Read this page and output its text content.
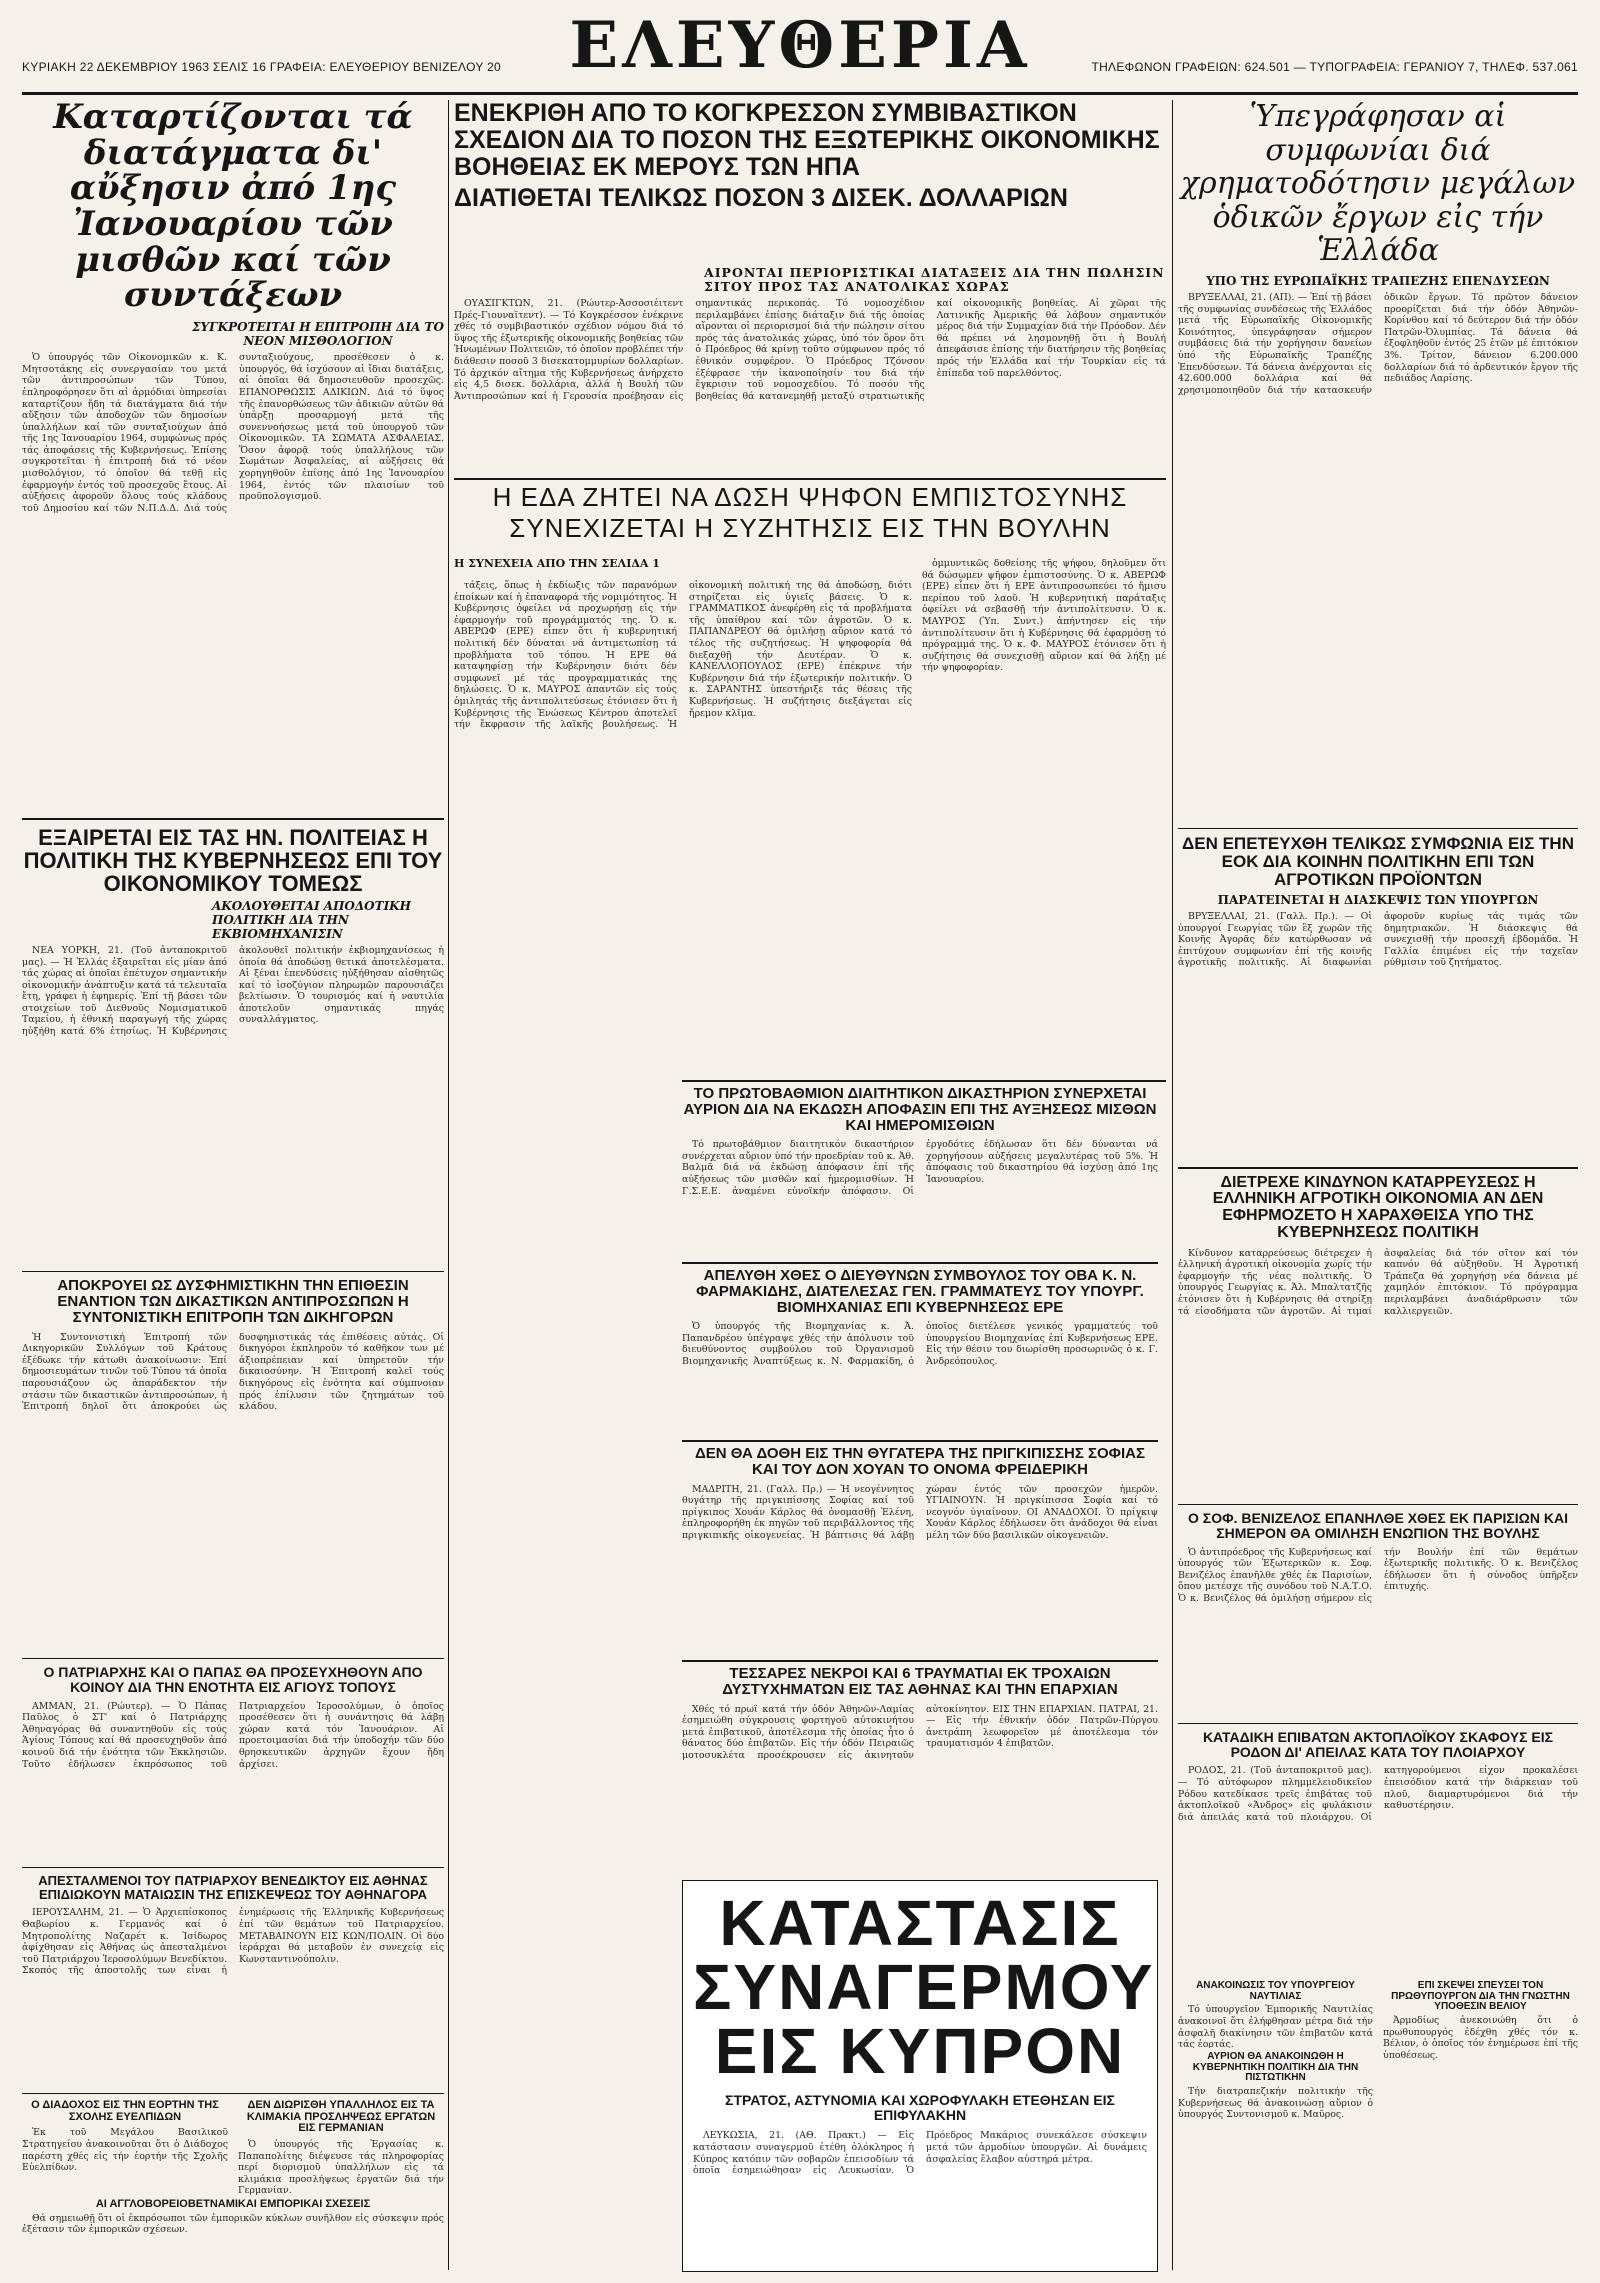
ΚΥΡΙΑΚΗ 22 ΔΕΚΕΜΒΡΙΟΥ 1963 ΣΕΛΙΣ 16 ΓΡΑΦΕΙΑ: ΕΛΕΥΘΕΡΙΟΥ ΒΕΝΙΖΕΛΟΥ 20	ΕΛΕΥΘΕΡΙΑ	ΤΗΛΕΦΩΝΟΝ ΓΡΑΦΕΙΩΝ: 624.501 — ΤΥΠΟΓΡΑΦΕΙΑ: ΓΕΡΑΝΙΟΥ 7, ΤΗΛΕΦ. 537.061
Καταρτίζονται τά διατάγματα δι' αὔξησιν ἀπό 1ης Ἰανουαρίου τῶν μισθῶν καί τῶν συντάξεων
ΣΥΓΚΡΟΤΕΙΤΑΙ Η ΕΠΙΤΡΟΠΗ ΔΙΑ ΤΟ ΝΕΟΝ ΜΙΣΘΟΛΟΓΙΟΝ

Ὁ ὑπουργός τῶν Οἰκονομικῶν κ. Κ. Μητσοτάκης εἰς συνεργασίαν του μετά τῶν ἀντιπροσώπων τῶν Τύπου, ἐπληροφόρησεν ὅτι αἱ ἁρμόδιαι ὑπηρεσίαι καταρτίζουν ἤδη τά διατάγματα διά τήν αὔξησιν τῶν ἀποδοχῶν τῶν δημοσίων ὑπαλλήλων καί τῶν συνταξιούχων ἀπό τῆς 1ης Ἰανουαρίου 1964, συμφώνως πρός τάς ἀποφάσεις τῆς Κυβερνήσεως. Ἐπίσης συγκροτεῖται ἡ ἐπιτροπή διά τό νέον μισθολόγιον, τό ὁποῖον θά τεθῇ εἰς ἐφαρμογήν ἐντός τοῦ προσεχοῦς ἔτους. Αἱ αὐξήσεις ἀφοροῦν ὅλους τούς κλάδους τοῦ Δημοσίου καί τῶν Ν.Π.Δ.Δ. Διά τούς συνταξιούχους, προσέθεσεν ὁ κ. ὑπουργός, θά ἰσχύσουν αἱ ἴδιαι διατάξεις, αἱ ὁποῖαι θά δημοσιευθοῦν προσεχῶς. ΕΠΑΝΟΡΘΩΣΙΣ ΑΔΙΚΙΩΝ. Διά τό ὕψος τῆς ἐπανορθώσεως τῶν ἀδικιῶν αὐτῶν θά ὑπάρξῃ προσαρμογή μετά τῆς συνεννοήσεως μετά τοῦ ὑπουργοῦ τῶν Οἰκονομικῶν. ΤΑ ΣΩΜΑΤΑ ΑΣΦΑΛΕΙΑΣ. Ὅσον ἀφορᾷ τούς ὑπαλλήλους τῶν Σωμάτων Ἀσφαλείας, αἱ αὐξήσεις θά χορηγηθοῦν ἐπίσης ἀπό 1ης Ἰανουαρίου 1964, ἐντός τῶν πλαισίων τοῦ προϋπολογισμοῦ.

ΕΞΑΙΡΕΤΑΙ ΕΙΣ ΤΑΣ ΗΝ. ΠΟΛΙΤΕΙΑΣ Η ΠΟΛΙΤΙΚΗ ΤΗΣ ΚΥΒΕΡΝΗΣΕΩΣ ΕΠΙ ΤΟΥ ΟΙΚΟΝΟΜΙΚΟΥ ΤΟΜΕΩΣ
ΑΚΟΛΟΥΘΕΙΤΑΙ ΑΠΟΔΟΤΙΚΗ ΠΟΛΙΤΙΚΗ ΔΙΑ ΤΗΝ ΕΚΒΙΟΜΗΧΑΝΙΣΙΝ

ΝΕΑ ΥΟΡΚΗ, 21. (Τοῦ ἀνταποκριτοῦ μας). — Ἡ Ἑλλάς ἐξαιρεῖται εἰς μίαν ἀπό τάς χώρας αἱ ὁποῖαι ἐπέτυχον σημαντικήν οἰκονομικήν ἀνάπτυξιν κατά τά τελευταῖα ἔτη, γράφει ἡ ἐφημερίς. Ἐπί τῇ βάσει τῶν στοιχείων τοῦ Διεθνοῦς Νομισματικοῦ Ταμείου, ἡ ἐθνική παραγωγή τῆς χώρας ηὐξήθη κατά 6% ἐτησίως. Ἡ Κυβέρνησις ἀκολουθεῖ πολιτικήν ἐκβιομηχανίσεως ἡ ὁποία θά ἀποδώσῃ θετικά ἀποτελέσματα. Αἱ ξέναι ἐπενδύσεις ηὐξήθησαν αἰσθητῶς καί τό ἰσοζύγιον πληρωμῶν παρουσιάζει βελτίωσιν. Ὁ τουρισμός καί ἡ ναυτιλία ἀποτελοῦν σημαντικάς πηγάς συναλλάγματος.

ΑΠΟΚΡΟΥΕΙ ΩΣ ΔΥΣΦΗΜΙΣΤΙΚΗΝ ΤΗΝ ΕΠΙΘΕΣΙΝ ΕΝΑΝΤΙΟΝ ΤΩΝ ΔΙΚΑΣΤΙΚΩΝ ΑΝΤΙΠΡΟΣΩΠΩΝ Η ΣΥΝΤΟΝΙΣΤΙΚΗ ΕΠΙΤΡΟΠΗ ΤΩΝ ΔΙΚΗΓΟΡΩΝ

Ἡ Συντονιστική Ἐπιτροπή τῶν Δικηγορικῶν Συλλόγων τοῦ Κράτους ἐξέδωκε τήν κάτωθι ἀνακοίνωσιν: Ἐπί δημοσιευμάτων τινῶν τοῦ Τύπου τά ὁποῖα παρουσιάζουν ὡς ἀπαράδεκτον τήν στάσιν τῶν δικαστικῶν ἀντιπροσώπων, ἡ Ἐπιτροπή δηλοῖ ὅτι ἀποκρούει ὡς δυσφημιστικάς τάς ἐπιθέσεις αὐτάς. Οἱ δικηγόροι ἐκπληροῦν τό καθῆκον των μέ ἀξιοπρέπειαν καί ὑπηρετοῦν τήν δικαιοσύνην. Ἡ Ἐπιτροπή καλεῖ τούς δικηγόρους εἰς ἑνότητα καί σύμπνοιαν πρός ἐπίλυσιν τῶν ζητημάτων τοῦ κλάδου.

Ο ΠΑΤΡΙΑΡΧΗΣ ΚΑΙ Ο ΠΑΠΑΣ ΘΑ ΠΡΟΣΕΥΧΗΘΟΥΝ ΑΠΟ ΚΟΙΝΟΥ ΔΙΑ ΤΗΝ ΕΝΟΤΗΤΑ ΕΙΣ ΑΓΙΟΥΣ ΤΟΠΟΥΣ

ΑΜΜΑΝ, 21. (Ρώυτερ). — Ὁ Πάπας Παῦλος ὁ ΣΤ' καί ὁ Πατριάρχης Ἀθηναγόρας θά συναντηθοῦν εἰς τούς Ἁγίους Τόπους καί θά προσευχηθοῦν ἀπό κοινοῦ διά τήν ἑνότητα τῶν Ἐκκλησιῶν. Τοῦτο ἐδήλωσεν ἐκπρόσωπος τοῦ Πατριαρχείου Ἱεροσολύμων, ὁ ὁποῖος προσέθεσεν ὅτι ἡ συνάντησις θά λάβῃ χώραν κατά τόν Ἰανουάριον. Αἱ προετοιμασίαι διά τήν ὑποδοχήν τῶν δύο θρησκευτικῶν ἀρχηγῶν ἔχουν ἤδη ἀρχίσει.

ΑΠΕΣΤΑΛΜΕΝΟΙ ΤΟΥ ΠΑΤΡΙΑΡΧΟΥ ΒΕΝΕΔΙΚΤΟΥ ΕΙΣ ΑΘΗΝΑΣ ΕΠΙΔΙΩΚΟΥΝ ΜΑΤΑΙΩΣΙΝ ΤΗΣ ΕΠΙΣΚΕΨΕΩΣ ΤΟΥ ΑΘΗΝΑΓΟΡΑ

ΙΕΡΟΥΣΑΛΗΜ, 21. — Ὁ Ἀρχιεπίσκοπος Θαβωρίου κ. Γερμανός καί ὁ Μητροπολίτης Ναζαρέτ κ. Ἰσίδωρος ἀφίχθησαν εἰς Ἀθήνας ὡς ἀπεσταλμένοι τοῦ Πατριάρχου Ἱεροσολύμων Βενεδίκτου. Σκοπός τῆς ἀποστολῆς των εἶναι ἡ ἐνημέρωσις τῆς Ἑλληνικῆς Κυβερνήσεως ἐπί τῶν θεμάτων τοῦ Πατριαρχείου. ΜΕΤΑΒΑΙΝΟΥΝ ΕΙΣ ΚΩΝ/ΠΟΛΙΝ. Οἱ δύο ἱεράρχαι θά μεταβοῦν ἐν συνεχείᾳ εἰς Κωνσταντινούπολιν.

Ο ΔΙΑΔΟΧΟΣ ΕΙΣ ΤΗΝ ΕΟΡΤΗΝ ΤΗΣ ΣΧΟΛΗΣ ΕΥΕΛΠΙΔΩΝ

Ἐκ τοῦ Μεγάλου Βασιλικοῦ Στρατηγείου ἀνακοινοῦται ὅτι ὁ Διάδοχος παρέστη χθές εἰς τήν ἑορτήν τῆς Σχολῆς Εὐελπίδων.

ΔΕΝ ΔΙΩΡΙΣΘΗ ΥΠΑΛΛΗΛΟΣ ΕΙΣ ΤΑ ΚΛΙΜΑΚΙΑ ΠΡΟΣΛΗΨΕΩΣ ΕΡΓΑΤΩΝ ΕΙΣ ΓΕΡΜΑΝΙΑΝ

Ὁ ὑπουργός τῆς Ἐργασίας κ. Παπαπολίτης διέψευσε τάς πληροφορίας περί διορισμοῦ ὑπαλλήλων εἰς τά κλιμάκια προσλήψεως ἐργατῶν διά τήν Γερμανίαν.

ΑΙ ΑΓΓΛΟΒΟΡΕΙΟΒΕΤΝΑΜΙΚΑΙ ΕΜΠΟΡΙΚΑΙ ΣΧΕΣΕΙΣ

Θά σημειωθῇ ὅτι οἱ ἐκπρόσωποι τῶν ἐμπορικῶν κύκλων συνῆλθον εἰς σύσκεψιν πρός ἐξέτασιν τῶν ἐμπορικῶν σχέσεων.

ΕΝΕΚΡΙΘΗ ΑΠΟ ΤΟ ΚΟΓΚΡΕΣΣΟΝ ΣΥΜΒΙΒΑΣΤΙΚΟΝ ΣΧΕΔΙΟΝ ΔΙΑ ΤΟ ΠΟΣΟΝ ΤΗΣ ΕΞΩΤΕΡΙΚΗΣ ΟΙΚΟΝΟΜΙΚΗΣ ΒΟΗΘΕΙΑΣ ΕΚ ΜΕΡΟΥΣ ΤΩΝ ΗΠΑ
ΔΙΑΤΙΘΕΤΑΙ ΤΕΛΙΚΩΣ ΠΟΣΟΝ 3 ΔΙΣΕΚ. ΔΟΛΛΑΡΙΩΝ
ΑΙΡΟΝΤΑΙ ΠΕΡΙΟΡΙΣΤΙΚΑΙ ΔΙΑΤΑΞΕΙΣ ΔΙΑ ΤΗΝ ΠΩΛΗΣΙΝ ΣΙΤΟΥ ΠΡΟΣ ΤΑΣ ΑΝΑΤΟΛΙΚΑΣ ΧΩΡΑΣ

ΟΥΑΣΙΓΚΤΩΝ, 21. (Ρώυτερ-Ἀσσοσιέιτεντ Πρές-Γιουναϊτεντ). — Τό Κογκρέσσον ἐνέκρινε χθές τό συμβιβαστικόν σχέδιον νόμου διά τό ὕψος τῆς ἐξωτερικῆς οἰκονομικῆς βοηθείας τῶν Ἡνωμένων Πολιτειῶν, τό ὁποῖον προβλέπει τήν διάθεσιν ποσοῦ 3 δισεκατομμυρίων δολλαρίων. Τό ἀρχικόν αἴτημα τῆς Κυβερνήσεως ἀνήρχετο εἰς 4,5 δισεκ. δολλάρια, ἀλλά ἡ Βουλή τῶν Ἀντιπροσώπων καί ἡ Γερουσία προέβησαν εἰς σημαντικάς περικοπάς. Τό νομοσχέδιον περιλαμβάνει ἐπίσης διάταξιν διά τῆς ὁποίας αἴρονται οἱ περιορισμοί διά τήν πώλησιν σίτου πρός τάς ἀνατολικάς χώρας, ὑπό τόν ὅρον ὅτι ὁ Πρόεδρος θά κρίνῃ τοῦτο σύμφωνον πρός τό ἐθνικόν συμφέρον. Ὁ Πρόεδρος Τζόνσον ἐξέφρασε τήν ἱκανοποίησίν του διά τήν ἔγκρισιν τοῦ νομοσχεδίου. Τό ποσόν τῆς βοηθείας θά κατανεμηθῇ μεταξύ στρατιωτικῆς καί οἰκονομικῆς βοηθείας. Αἱ χῶραι τῆς Λατινικῆς Ἀμερικῆς θά λάβουν σημαντικόν μέρος διά τήν Συμμαχίαν διά τήν Πρόοδον. Δέν θά πρέπει νά λησμονηθῇ ὅτι ἡ Βουλή ἀπεφάσισε ἐπίσης τήν διατήρησιν τῆς βοηθείας πρός τήν Ἑλλάδα καί τήν Τουρκίαν εἰς τά ἐπίπεδα τοῦ παρελθόντος.

Η ΕΔΑ ΖΗΤΕΙ ΝΑ ΔΩΣΗ ΨΗΦΟΝ ΕΜΠΙΣΤΟΣΥΝΗΣ
ΣΥΝΕΧΙΖΕΤΑΙ Η ΣΥΖΗΤΗΣΙΣ ΕΙΣ ΤΗΝ ΒΟΥΛΗΝ
Η ΣΥΝΕΧΕΙΑ ΑΠΟ ΤΗΝ ΣΕΛΙΔΑ 1

τάξεις, ὅπως ἡ ἐκδίωξις τῶν παρανόμων ἐποίκων καί ἡ ἐπαναφορά τῆς νομιμότητος. Ἡ Κυβέρνησις ὀφείλει νά προχωρήσῃ εἰς τήν ἐφαρμογήν τοῦ προγράμματός της. Ὁ κ. ΑΒΕΡΩΦ (ΕΡΕ) εἶπεν ὅτι ἡ κυβερνητική πολιτική δέν δύναται νά ἀντιμετωπίσῃ τά προβλήματα τοῦ τόπου. Ἡ ΕΡΕ θά καταψηφίσῃ τήν Κυβέρνησιν διότι δέν συμφωνεῖ μέ τάς προγραμματικάς της δηλώσεις. Ὁ κ. ΜΑΥΡΟΣ ἀπαντῶν εἰς τούς ὁμιλητάς τῆς ἀντιπολιτεύσεως ἐτόνισεν ὅτι ἡ Κυβέρνησις τῆς Ἑνώσεως Κέντρου ἀποτελεῖ τήν ἔκφρασιν τῆς λαϊκῆς βουλήσεως. Ἡ οἰκονομική πολιτική της θά ἀποδώσῃ, διότι στηρίζεται εἰς ὑγιεῖς βάσεις. Ὁ κ. ΓΡΑΜΜΑΤΙΚΟΣ ἀνεφέρθη εἰς τά προβλήματα τῆς ὑπαίθρου καί τῶν ἀγροτῶν. Ὁ κ. ΠΑΠΑΝΔΡΕΟΥ θά ὁμιλήσῃ αὔριον κατά τό τέλος τῆς συζητήσεως. Ἡ ψηφοφορία θά διεξαχθῇ τήν Δευτέραν. Ὁ κ. ΚΑΝΕΛΛΟΠΟΥΛΟΣ (ΕΡΕ) ἐπέκρινε τήν Κυβέρνησιν διά τήν ἐξωτερικήν πολιτικήν. Ὁ κ. ΣΑΡΑΝΤΗΣ ὑπεστήριξε τάς θέσεις τῆς Κυβερνήσεως. Ἡ συζήτησις διεξάγεται εἰς ἤρεμον κλῖμα.

ὀμμυντικῶς δοθείσης τῆς ψήφου, δηλοῦμεν ὅτι θά δώσωμεν ψῆφον ἐμπιστοσύνης. Ὁ κ. ΑΒΕΡΩΦ (ΕΡΕ) εἶπεν ὅτι ἡ ΕΡΕ ἀντιπροσωπεύει τό ἥμισυ περίπου τοῦ λαοῦ. Ἡ κυβερνητική παράταξις ὀφείλει νά σεβασθῇ τήν ἀντιπολίτευσιν. Ὁ κ. ΜΑΥΡΟΣ (Ὑπ. Συντ.) ἀπήντησεν εἰς τήν ἀντιπολίτευσιν ὅτι ἡ Κυβέρνησις θά ἐφαρμόσῃ τό πρόγραμμά της. Ὁ κ. Φ. ΜΑΥΡΟΣ ἐτόνισεν ὅτι ἡ συζήτησις θά συνεχισθῇ αὔριον καί θά λήξῃ μέ τήν ψηφοφορίαν.

ΤΟ ΠΡΩΤΟΒΑΘΜΙΟΝ ΔΙΑΙΤΗΤΙΚΟΝ ΔΙΚΑΣΤΗΡΙΟΝ ΣΥΝΕΡΧΕΤΑΙ ΑΥΡΙΟΝ ΔΙΑ ΝΑ ΕΚΔΩΣΗ ΑΠΟΦΑΣΙΝ ΕΠΙ ΤΗΣ ΑΥΞΗΣΕΩΣ ΜΙΣΘΩΝ ΚΑΙ ΗΜΕΡΟΜΙΣΘΙΩΝ

Τό πρωτοβάθμιον διαιτητικόν δικαστήριον συνέρχεται αὔριον ὑπό τήν προεδρίαν τοῦ κ. Ἀθ. Βαλμᾶ διά νά ἐκδώσῃ ἀπόφασιν ἐπί τῆς αὐξήσεως τῶν μισθῶν καί ἡμερομισθίων. Ἡ Γ.Σ.Ε.Ε. ἀναμένει εὐνοϊκήν ἀπόφασιν. Οἱ ἐργοδότες ἐδήλωσαν ὅτι δέν δύνανται νά χορηγήσουν αὐξήσεις μεγαλυτέρας τοῦ 5%. Ἡ ἀπόφασις τοῦ δικαστηρίου θά ἰσχύσῃ ἀπό 1ης Ἰανουαρίου.

ΑΠΕΛΥΘΗ ΧΘΕΣ Ο ΔΙΕΥΘΥΝΩΝ ΣΥΜΒΟΥΛΟΣ ΤΟΥ ΟΒΑ Κ. Ν. ΦΑΡΜΑΚΙΔΗΣ, ΔΙΑΤΕΛΕΣΑΣ ΓΕΝ. ΓΡΑΜΜΑΤΕΥΣ ΤΟΥ ΥΠΟΥΡΓ. ΒΙΟΜΗΧΑΝΙΑΣ ΕΠΙ ΚΥΒΕΡΝΗΣΕΩΣ ΕΡΕ

Ὁ ὑπουργός τῆς Βιομηχανίας κ. Ἀ. Παπανδρέου ὑπέγραψε χθές τήν ἀπόλυσιν τοῦ διευθύνοντος συμβούλου τοῦ Ὀργανισμοῦ Βιομηχανικῆς Ἀναπτύξεως κ. Ν. Φαρμακίδη, ὁ ὁποῖος διετέλεσε γενικός γραμματεύς τοῦ ὑπουργείου Βιομηχανίας ἐπί Κυβερνήσεως ΕΡΕ. Εἰς τήν θέσιν του διωρίσθη προσωρινῶς ὁ κ. Γ. Ἀνδρεόπουλος.

ΔΕΝ ΘΑ ΔΟΘΗ ΕΙΣ ΤΗΝ ΘΥΓΑΤΕΡΑ ΤΗΣ ΠΡΙΓΚΙΠΙΣΣΗΣ ΣΟΦΙΑΣ ΚΑΙ ΤΟΥ ΔΟΝ ΧΟΥΑΝ ΤΟ ΟΝΟΜΑ ΦΡΕΙΔΕΡΙΚΗ

ΜΑΔΡΙΤΗ, 21. (Γαλλ. Πρ.) — Ἡ νεογέννητος θυγάτηρ τῆς πριγκιπίσσης Σοφίας καί τοῦ πρίγκιπος Χουάν Κάρλος θά ὀνομασθῇ Ἑλένη, ἐπληροφορήθη ἐκ πηγῶν τοῦ περιβάλλοντος τῆς πριγκιπικῆς οἰκογενείας. Ἡ βάπτισις θά λάβῃ χώραν ἐντός τῶν προσεχῶν ἡμερῶν. ΥΓΙΑΙΝΟΥΝ. Ἡ πριγκίπισσα Σοφία καί τό νεογνόν ὑγιαίνουν. ΟΙ ΑΝΑΔΟΧΟΙ. Ὁ πρίγκιψ Χουάν Κάρλος ἐδήλωσεν ὅτι ἀνάδοχοι θά εἶναι μέλη τῶν δύο βασιλικῶν οἰκογενειῶν.

ΤΕΣΣΑΡΕΣ ΝΕΚΡΟΙ ΚΑΙ 6 ΤΡΑΥΜΑΤΙΑΙ ΕΚ ΤΡΟΧΑΙΩΝ ΔΥΣΤΥΧΗΜΑΤΩΝ ΕΙΣ ΤΑΣ ΑΘΗΝΑΣ ΚΑΙ ΤΗΝ ΕΠΑΡΧΙΑΝ

Χθές τό πρωΐ κατά τήν ὁδόν Ἀθηνῶν-Λαμίας ἐσημειώθη σύγκρουσις φορτηγοῦ αὐτοκινήτου μετά ἐπιβατικοῦ, ἀποτέλεσμα τῆς ὁποίας ἦτο ὁ θάνατος δύο ἐπιβατῶν. Εἰς τήν ὁδόν Πειραιῶς μοτοσυκλέτα προσέκρουσεν εἰς ἀκινητοῦν αὐτοκίνητον. ΕΙΣ ΤΗΝ ΕΠΑΡΧΙΑΝ. ΠΑΤΡΑΙ, 21. — Εἰς τήν ἐθνικήν ὁδόν Πατρῶν-Πύργου ἀνετράπη λεωφορεῖον μέ ἀποτέλεσμα τόν τραυματισμόν 4 ἐπιβατῶν.

ΚΑΤΑΣΤΑΣΙΣ ΣΥΝΑΓΕΡΜΟΥ ΕΙΣ ΚΥΠΡΟΝ
ΣΤΡΑΤΟΣ, ΑΣΤΥΝΟΜΙΑ ΚΑΙ ΧΩΡΟΦΥΛΑΚΗ ΕΤΕΘΗΣΑΝ ΕΙΣ ΕΠΙΦΥΛΑΚΗΝ

ΛΕΥΚΩΣΙΑ, 21. (ΑΘ. Πρακτ.) — Εἰς κατάστασιν συναγερμοῦ ἐτέθη ὁλόκληρος ἡ Κύπρος κατόπιν τῶν σοβαρῶν ἐπεισοδίων τά ὁποῖα ἐσημειώθησαν εἰς Λευκωσίαν. Ὁ Πρόεδρος Μακάριος συνεκάλεσε σύσκεψιν μετά τῶν ἀρμοδίων ὑπουργῶν. Αἱ δυνάμεις ἀσφαλείας ἔλαβον αὐστηρά μέτρα.

Ὑπεγράφησαν αἱ συμφωνίαι διά χρηματοδότησιν μεγάλων ὁδικῶν ἔργων εἰς τήν Ἑλλάδα
ΥΠΟ ΤΗΣ ΕΥΡΩΠΑΪΚΗΣ ΤΡΑΠΕΖΗΣ ΕΠΕΝΔΥΣΕΩΝ

ΒΡΥΞΕΛΛΑΙ, 21. (ΑΠ). — Ἐπί τῇ βάσει τῆς συμφωνίας συνδέσεως τῆς Ἑλλάδος μετά τῆς Εὐρωπαϊκῆς Οἰκονομικῆς Κοινότητος, ὑπεγράφησαν σήμερον συμβάσεις διά τήν χορήγησιν δανείων ὑπό τῆς Εὐρωπαϊκῆς Τραπέζης Ἐπενδύσεων. Τά δάνεια ἀνέρχονται εἰς 42.600.000 δολλάρια καί θά χρησιμοποιηθοῦν διά τήν κατασκευήν ὁδικῶν ἔργων. Τό πρῶτον δάνειον προορίζεται διά τήν ὁδόν Ἀθηνῶν-Κορίνθου καί τό δεύτερον διά τήν ὁδόν Πατρῶν-Ὀλυμπίας. Τά δάνεια θά ἐξοφληθοῦν ἐντός 25 ἐτῶν μέ ἐπιτόκιον 3%. Τρίτον, δάνειον 6.200.000 δολλαρίων διά τό ἀρδευτικόν ἔργον τῆς πεδιάδος Λαρίσης.

ΔΕΝ ΕΠΕΤΕΥΧΘΗ ΤΕΛΙΚΩΣ ΣΥΜΦΩΝΙΑ ΕΙΣ ΤΗΝ ΕΟΚ ΔΙΑ ΚΟΙΝΗΝ ΠΟΛΙΤΙΚΗΝ ΕΠΙ ΤΩΝ ΑΓΡΟΤΙΚΩΝ ΠΡΟΪΟΝΤΩΝ
ΠΑΡΑΤΕΙΝΕΤΑΙ Η ΔΙΑΣΚΕΨΙΣ ΤΩΝ ΥΠΟΥΡΓΩΝ

ΒΡΥΞΕΛΛΑΙ, 21. (Γαλλ. Πρ.). — Οἱ ὑπουργοί Γεωργίας τῶν ἓξ χωρῶν τῆς Κοινῆς Ἀγορᾶς δέν κατώρθωσαν νά ἐπιτύχουν συμφωνίαν ἐπί τῆς κοινῆς ἀγροτικῆς πολιτικῆς. Αἱ διαφωνίαι ἀφοροῦν κυρίως τάς τιμάς τῶν δημητριακῶν. Ἡ διάσκεψις θά συνεχισθῇ τήν προσεχῆ ἑβδομάδα. Ἡ Γαλλία ἐπιμένει εἰς τήν ταχεῖαν ρύθμισιν τοῦ ζητήματος.

ΔΙΕΤΡΕΧΕ ΚΙΝΔΥΝΟΝ ΚΑΤΑΡΡΕΥΣΕΩΣ Η ΕΛΛΗΝΙΚΗ ΑΓΡΟΤΙΚΗ ΟΙΚΟΝΟΜΙΑ ΑΝ ΔΕΝ ΕΦΗΡΜΟΖΕΤΟ Η ΧΑΡΑΧΘΕΙΣΑ ΥΠΟ ΤΗΣ ΚΥΒΕΡΝΗΣΕΩΣ ΠΟΛΙΤΙΚΗ

Κίνδυνον καταρρεύσεως διέτρεχεν ἡ ἑλληνική ἀγροτική οἰκονομία χωρίς τήν ἐφαρμογήν τῆς νέας πολιτικῆς. Ὁ ὑπουργός Γεωργίας κ. Ἀλ. Μπαλτατζῆς ἐτόνισεν ὅτι ἡ Κυβέρνησις θά στηρίξῃ τά εἰσοδήματα τῶν ἀγροτῶν. Αἱ τιμαί ἀσφαλείας διά τόν σῖτον καί τόν καπνόν θά αὐξηθοῦν. Ἡ Ἀγροτική Τράπεζα θά χορηγήσῃ νέα δάνεια μέ χαμηλόν ἐπιτόκιον. Τό πρόγραμμα περιλαμβάνει ἀναδιάρθρωσιν τῶν καλλιεργειῶν.

Ο ΣΟΦ. ΒΕΝΙΖΕΛΟΣ ΕΠΑΝΗΛΘΕ ΧΘΕΣ ΕΚ ΠΑΡΙΣΙΩΝ ΚΑΙ ΣΗΜΕΡΟΝ ΘΑ ΟΜΙΛΗΣΗ ΕΝΩΠΙΟΝ ΤΗΣ ΒΟΥΛΗΣ

Ὁ ἀντιπρόεδρος τῆς Κυβερνήσεως καί ὑπουργός τῶν Ἐξωτερικῶν κ. Σοφ. Βενιζέλος ἐπανῆλθε χθές ἐκ Παρισίων, ὅπου μετέσχε τῆς συνόδου τοῦ Ν.Α.Τ.Ο. Ὁ κ. Βενιζέλος θά ὁμιλήσῃ σήμερον εἰς τήν Βουλήν ἐπί τῶν θεμάτων ἐξωτερικῆς πολιτικῆς. Ὁ κ. Βενιζέλος ἐδήλωσεν ὅτι ἡ σύνοδος ὑπῆρξεν ἐπιτυχής.

ΚΑΤΑΔΙΚΗ ΕΠΙΒΑΤΩΝ ΑΚΤΟΠΛΟΪΚΟΥ ΣΚΑΦΟΥΣ ΕΙΣ ΡΟΔΟΝ ΔΙ' ΑΠΕΙΛΑΣ ΚΑΤΑ ΤΟΥ ΠΛΟΙΑΡΧΟΥ

ΡΟΔΟΣ, 21. (Τοῦ ἀνταποκριτοῦ μας). — Τό αὐτόφωρον πλημμελειοδικεῖον Ρόδου κατεδίκασε τρεῖς ἐπιβάτας τοῦ ἀκτοπλοϊκοῦ «Ἀνδρος» εἰς φυλάκισιν διά ἀπειλάς κατά τοῦ πλοιάρχου. Οἱ κατηγορούμενοι εἶχον προκαλέσει ἐπεισόδιον κατά τήν διάρκειαν τοῦ πλοῦ, διαμαρτυρόμενοι διά τήν καθυστέρησιν.

ΑΝΑΚΟΙΝΩΣΙΣ ΤΟΥ ΥΠΟΥΡΓΕΙΟΥ ΝΑΥΤΙΛΙΑΣ

Τό ὑπουργεῖον Ἐμπορικῆς Ναυτιλίας ἀνακοινοῖ ὅτι ἐλήφθησαν μέτρα διά τήν ἀσφαλῆ διακίνησιν τῶν ἐπιβατῶν κατά τάς ἑορτάς.

ΑΥΡΙΟΝ ΘΑ ΑΝΑΚΟΙΝΩΘΗ Η ΚΥΒΕΡΝΗΤΙΚΗ ΠΟΛΙΤΙΚΗ ΔΙΑ ΤΗΝ ΠΙΣΤΩΤΙΚΗΝ

Τήν διατραπεζικήν πολιτικήν τῆς Κυβερνήσεως θά ἀνακοινώσῃ αὔριον ὁ ὑπουργός Συντονισμοῦ κ. Μαῦρος.

ΕΠΙ ΣΚΕΨΕΙ ΣΠΕΥΣΕΙ ΤΟΝ ΠΡΩΘΥΠΟΥΡΓΟΝ ΔΙΑ ΤΗΝ ΓΝΩΣΤΗΝ ΥΠΟΘΕΣΙΝ ΒΕΛΙΟΥ

Ἀρμοδίως ἀνεκοινώθη ὅτι ὁ πρωθυπουργός ἐδέχθη χθές τόν κ. Βέλιον, ὁ ὁποῖος τόν ἐνημέρωσε ἐπί τῆς ὑποθέσεως.
